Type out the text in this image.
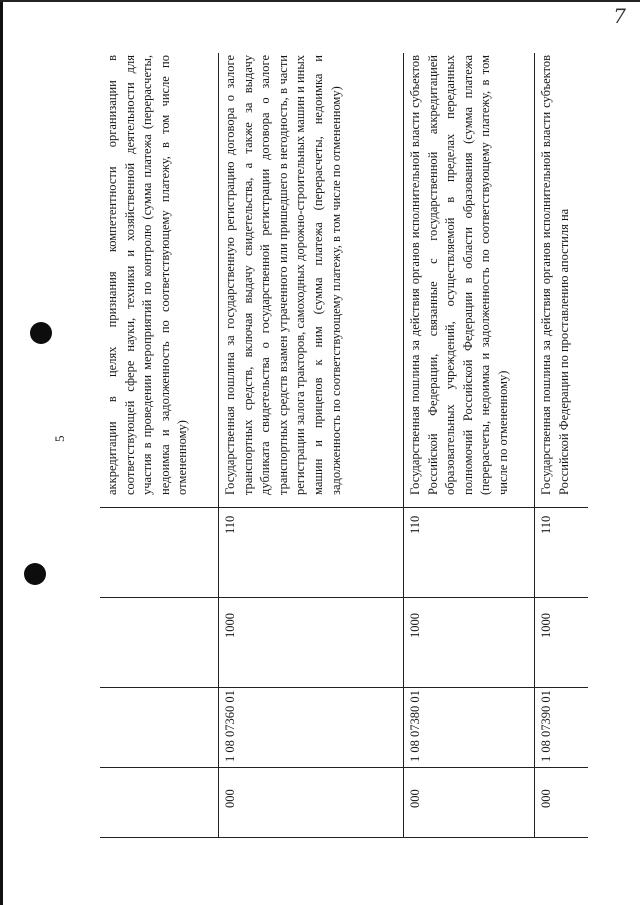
7
5	аккредитации в целях признания компетентности организации в соответствующей сфере науки, техники и хозяйственной деятельности для участия в проведении мероприятий по контролю (сумма платежа (перерасчеты, недоимка и задолженность по соответствующему платежу, в том числе по отмененному)
000
1 08 07360 01
1000
110
Государственная пошлина за государственную регистрацию договора о залоге транспортных средств, включая выдачу свидетельства, а также за выдачу дубликата свидетельства о государственной регистрации договора о залоге транспортных средств взамен утраченного или пришедшего в негодность, в части регистрации залога тракторов, самоходных дорожно-строительных машин и иных машин и прицепов к ним (сумма платежа (перерасчеты, недоимка и задолженность по соответствующему платежу, в том числе по отмененному)
000
1 08 07380 01
1000
110
Государственная пошлина за действия органов исполнительной власти субъектов Российской Федерации, связанные с государственной аккредитацией образовательных учреждений, осуществляемой в пределах переданных полномочий Российской Федерации в области образования (сумма платежа (перерасчеты, недоимка и задолженность по соответствующему платежу, в том числе по отмененному)
000
1 08 07390 01
1000
110
Государственная пошлина за действия органов исполнительной власти субъектов Российской Федерации по проставлению апостиля на
